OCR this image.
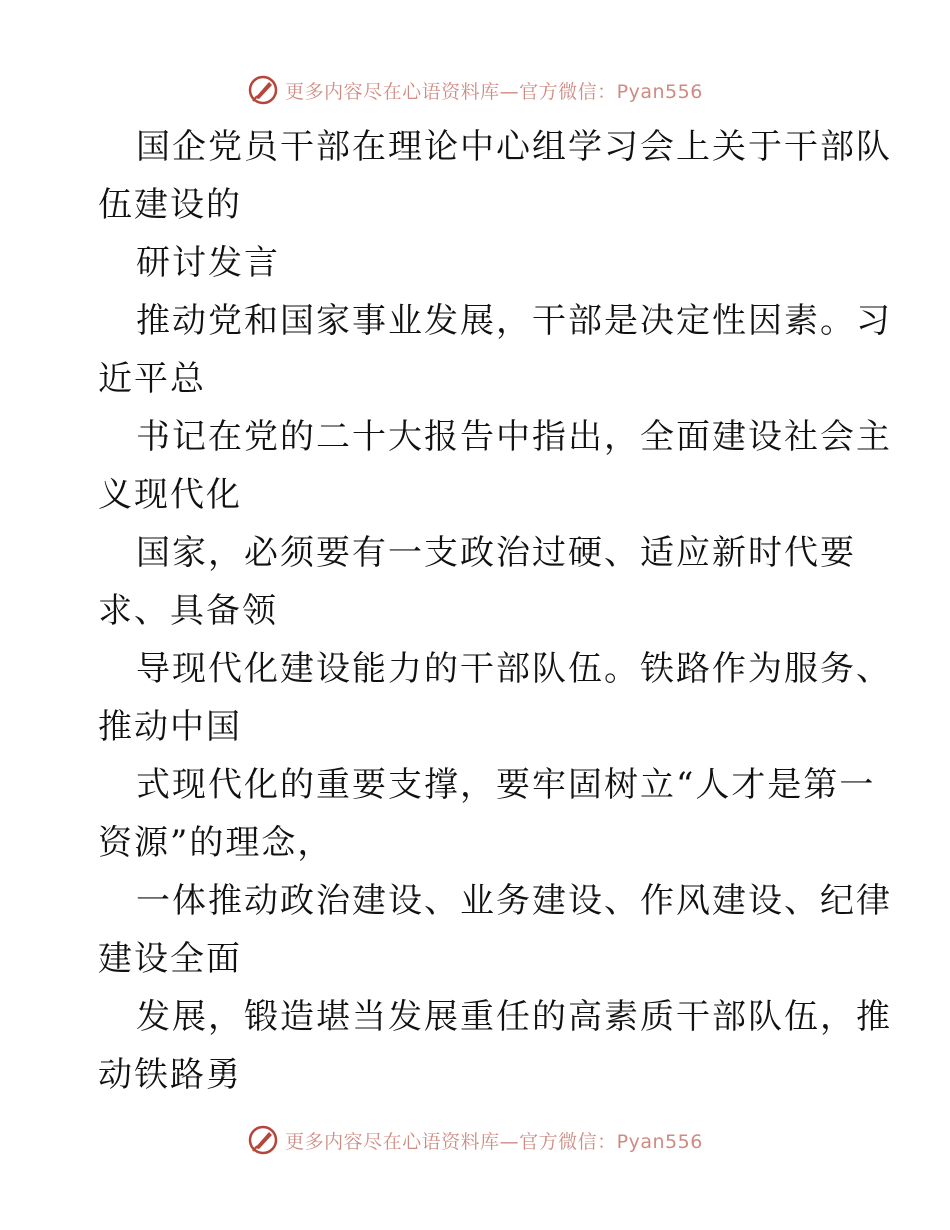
更多内容尽在心语资料库—官方微信：Pyan556
国企党员干部在理论中心组学习会上关于干部队
伍建设的
研讨发言
推动党和国家事业发展，干部是决定性因素。习
近平总
书记在党的二十大报告中指出，全面建设社会主
义现代化
国家，必须要有一支政治过硬、适应新时代要
求、具备领
导现代化建设能力的干部队伍。铁路作为服务、
推动中国
式现代化的重要支撑，要牢固树立“人才是第一
资源”的理念，
一体推动政治建设、业务建设、作风建设、纪律
建设全面
发展，锻造堪当发展重任的高素质干部队伍，推
动铁路勇
更多内容尽在心语资料库—官方微信：Pyan556
